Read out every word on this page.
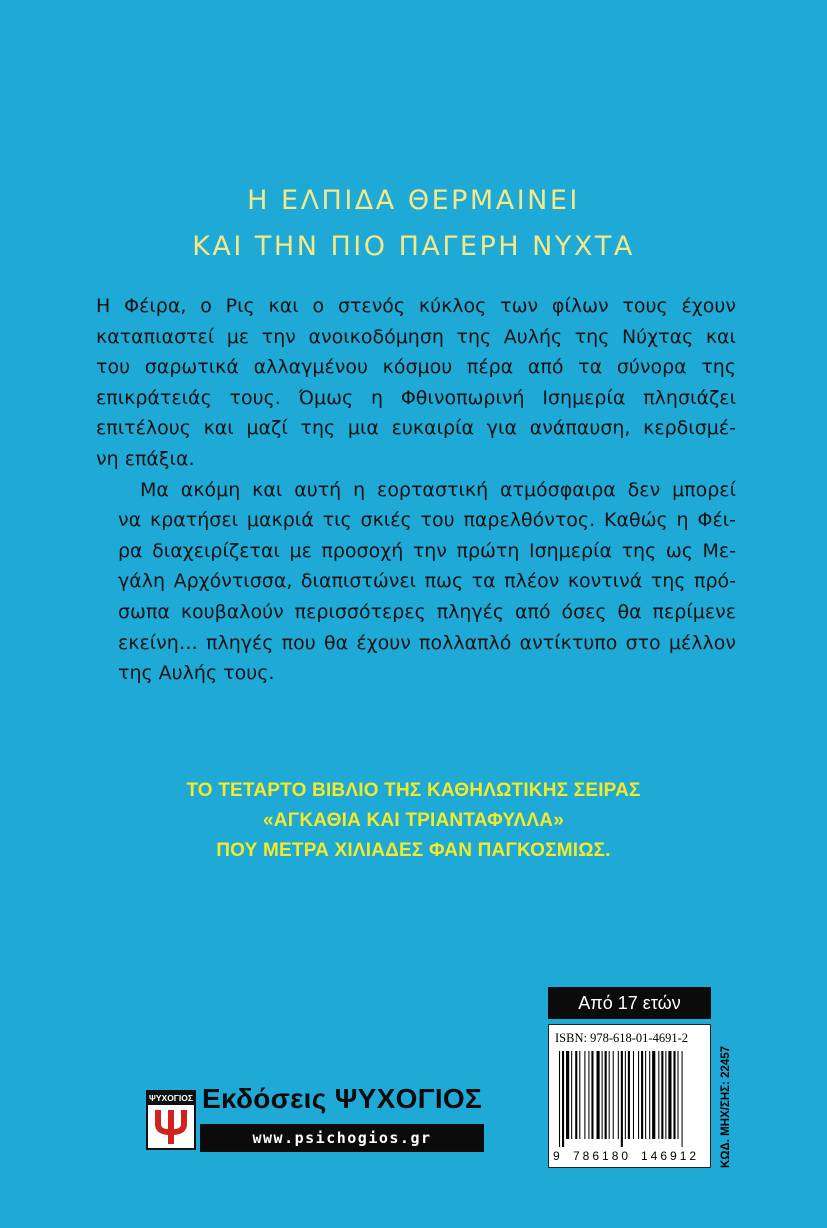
Η ΕΛΠΙΔΑ ΘΕΡΜΑΙΝΕΙ
ΚΑΙ ΤΗΝ ΠΙΟ ΠΑΓΕΡΗ ΝΥΧΤΑ

Η Φέιρα, ο Ρις και ο στενός κύκλος των φίλων τους έχουν
καταπιαστεί με την ανοικοδόμηση της Αυλής της Νύχτας και
του σαρωτικά αλλαγμένου κόσμου πέρα από τα σύνορα της
επικράτειάς τους. Όμως η Φθινοπωρινή Ισημερία πλησιάζει
επιτέλους και μαζί της μια ευκαιρία για ανάπαυση, κερδισμέ-
νη επάξια.

Μα ακόμη και αυτή η εορταστική ατμόσφαιρα δεν μπορεί
να κρατήσει μακριά τις σκιές του παρελθόντος. Καθώς η Φέι-
ρα διαχειρίζεται με προσοχή την πρώτη Ισημερία της ως Με-
γάλη Αρχόντισσα, διαπιστώνει πως τα πλέον κοντινά της πρό-
σωπα κουβαλούν περισσότερες πληγές από όσες θα περίμενε
εκείνη… πληγές που θα έχουν πολλαπλό αντίκτυπο στο μέλλον
της Αυλής τους.

ΤΟ ΤΕΤΑΡΤΟ ΒΙΒΛΙΟ ΤΗΣ ΚΑΘΗΛΩΤΙΚΗΣ ΣΕΙΡΑΣ
«ΑΓΚΑΘΙΑ ΚΑΙ ΤΡΙΑΝΤΑΦΥΛΛΑ»
ΠΟΥ ΜΕΤΡΑ ΧΙΛΙΑΔΕΣ ΦΑΝ ΠΑΓΚΟΣΜΙΩΣ.
Από 17 ετών
ISBN: 978-618-01-4691-2
9 786180 146912 ΚΩΔ. ΜΗΧ/ΣΗΣ: 22457
ΨΥΧΟΓΙΟΣ Εκδόσεις ΨΥΧΟΓΙΟΣ
www.psichogios.gr
